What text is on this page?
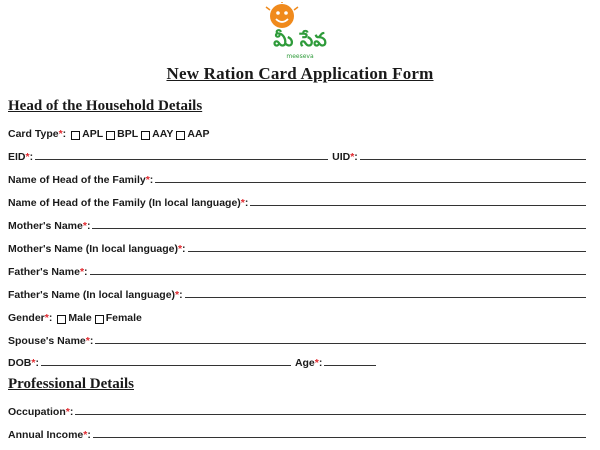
మీ సేవ
meeseva
New Ration Card Application Form
Head of the Household Details
Card Type * : APL BPL AAY AAP
EID * :	UID * :
Name of Head of the Family * :
Name of Head of the Family (In local language) * :
Mother's Name * :
Mother's Name (In local language) * :
Father's Name * :
Father's Name (In local language) * :
Gender * : Male Female
Spouse's Name * :
DOB * :	Age * :
Professional Details
Occupation * :
Annual Income * :
